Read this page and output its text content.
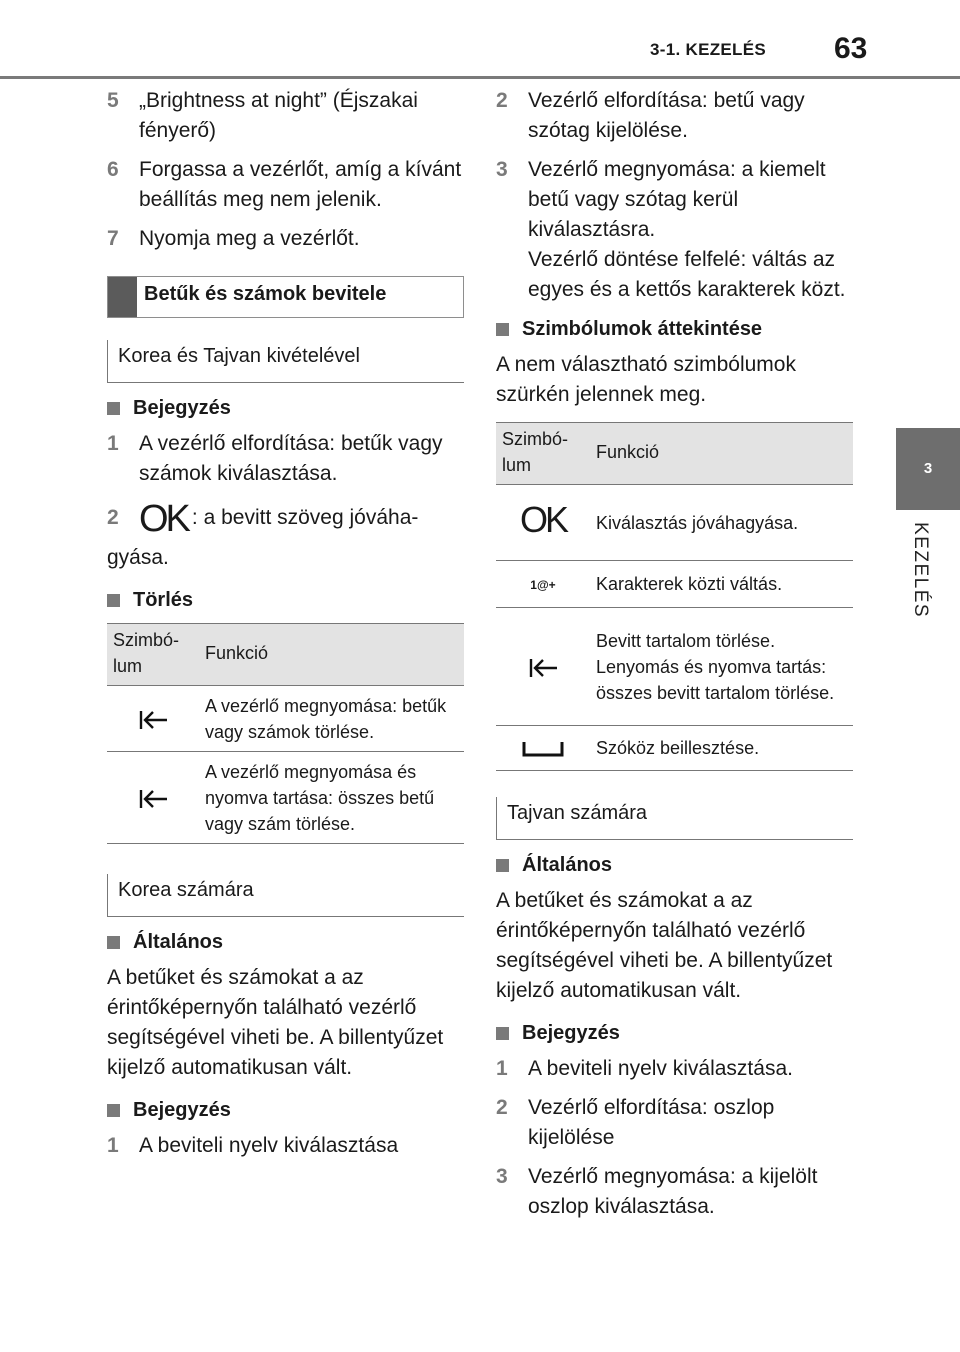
3-1. KEZELÉS 63
3
KEZELÉS
5 „Brightness at night” (Éjszakai fényerő)
6 Forgassa a vezérlőt, amíg a kívánt beállítás meg nem jelenik.
7 Nyomja meg a vezérlőt.
Betűk és számok bevitele
Korea és Tajvan kivételével
Bejegyzés
1 A vezérlő elfordítása: betűk vagy számok kiválasztása.
2 OK : a bevitt szöveg jóváha-
gyása.
Törlés
Szimbó-lum	Funkció
	A vezérlő megnyomása: betűk vagy számok törlése.
	A vezérlő megnyomása és nyomva tartása: összes betű vagy szám törlése.
Korea számára
Általános
A betűket és számokat a az érintőképernyőn található vezérlő segítségével viheti be. A billentyűzet kijelző automatikusan vált.
Bejegyzés
1 A beviteli nyelv kiválasztása
2 Vezérlő elfordítása: betű vagy szótag kijelölése.
3 Vezérlő megnyomása: a kiemelt betű vagy szótag kerül kiválasztásra.
Vezérlő döntése felfelé: váltás az egyes és a kettős karakterek közt.
Szimbólumok áttekintése
A nem választható szimbólumok szürkén jelennek meg.
Szimbó-lum	Funkció
OK	Kiválasztás jóváhagyása.
1@+	Karakterek közti váltás.
	Bevitt tartalom törlése. Lenyomás és nyomva tartás: összes bevitt tartalom törlése.
	Szóköz beillesztése.
Tajvan számára
Általános
A betűket és számokat a az érintőképernyőn található vezérlő segítségével viheti be. A billentyűzet kijelző automatikusan vált.
Bejegyzés
1 A beviteli nyelv kiválasztása.
2 Vezérlő elfordítása: oszlop kijelölése
3 Vezérlő megnyomása: a kijelölt oszlop kiválasztása.
